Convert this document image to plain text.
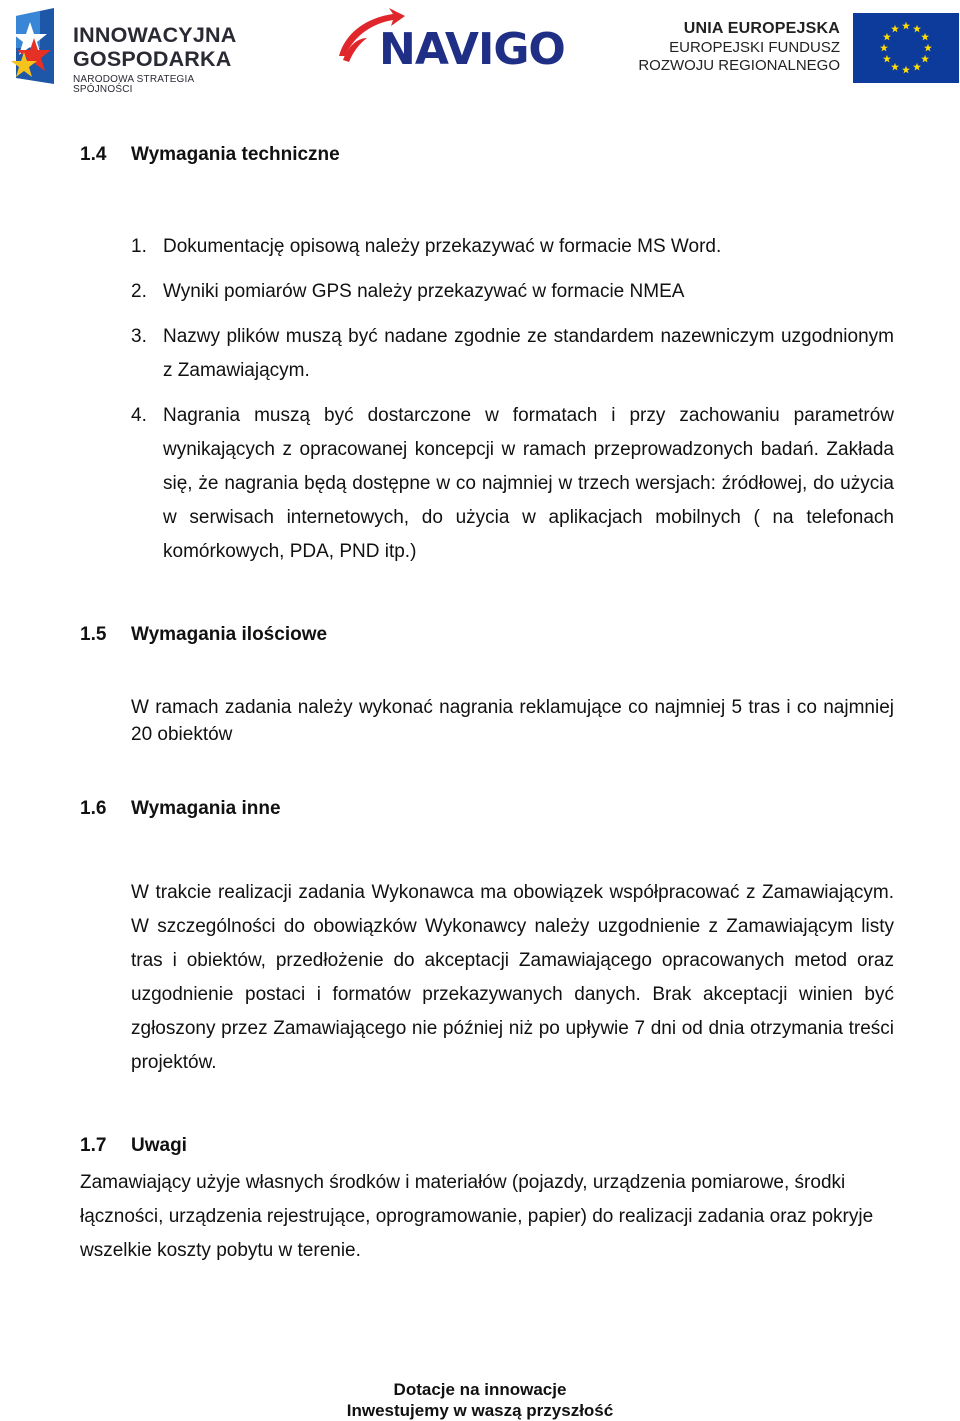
INNOWACYJNA
GOSPODARKA
NARODOWA STRATEGIA SPÓJNOŚCI
NAVIGO	UNIA EUROPEJSKA
EUROPEJSKI FUNDUSZ
ROZWOJU REGIONALNEGO
1.4 Wymagania techniczne
1. Dokumentację opisową należy przekazywać w formacie MS Word.
2. Wyniki pomiarów GPS należy przekazywać w formacie NMEA
3. Nazwy plików muszą być nadane zgodnie ze standardem nazewniczym uzgodnionym z Zamawiającym.
4. Nagrania muszą być dostarczone w formatach i przy zachowaniu parametrów wynikających z opracowanej koncepcji w ramach przeprowadzonych badań. Zakłada się, że nagrania będą dostępne w co najmniej w trzech wersjach: źródłowej, do użycia w serwisach internetowych, do użycia w aplikacjach mobilnych ( na telefonach komórkowych, PDA, PND itp.)
1.5 Wymagania ilościowe
W ramach zadania należy wykonać nagrania reklamujące co najmniej 5 tras i co najmniej 20 obiektów
1.6 Wymagania inne
W trakcie realizacji zadania Wykonawca ma obowiązek współpracować z Zamawiającym. W szczególności do obowiązków Wykonawcy należy uzgodnienie z Zamawiającym listy tras i obiektów, przedłożenie do akceptacji Zamawiającego opracowanych metod oraz uzgodnienie postaci i formatów przekazywanych danych. Brak akceptacji winien być zgłoszony przez Zamawiającego nie później niż po upływie 7 dni od dnia otrzymania treści projektów.
1.7 Uwagi
Zamawiający użyje własnych środków i materiałów (pojazdy, urządzenia pomiarowe, środki łączności, urządzenia rejestrujące, oprogramowanie, papier) do realizacji zadania oraz pokryje wszelkie koszty pobytu w terenie.
Dotacje na innowacje
Inwestujemy w waszą przyszłość
